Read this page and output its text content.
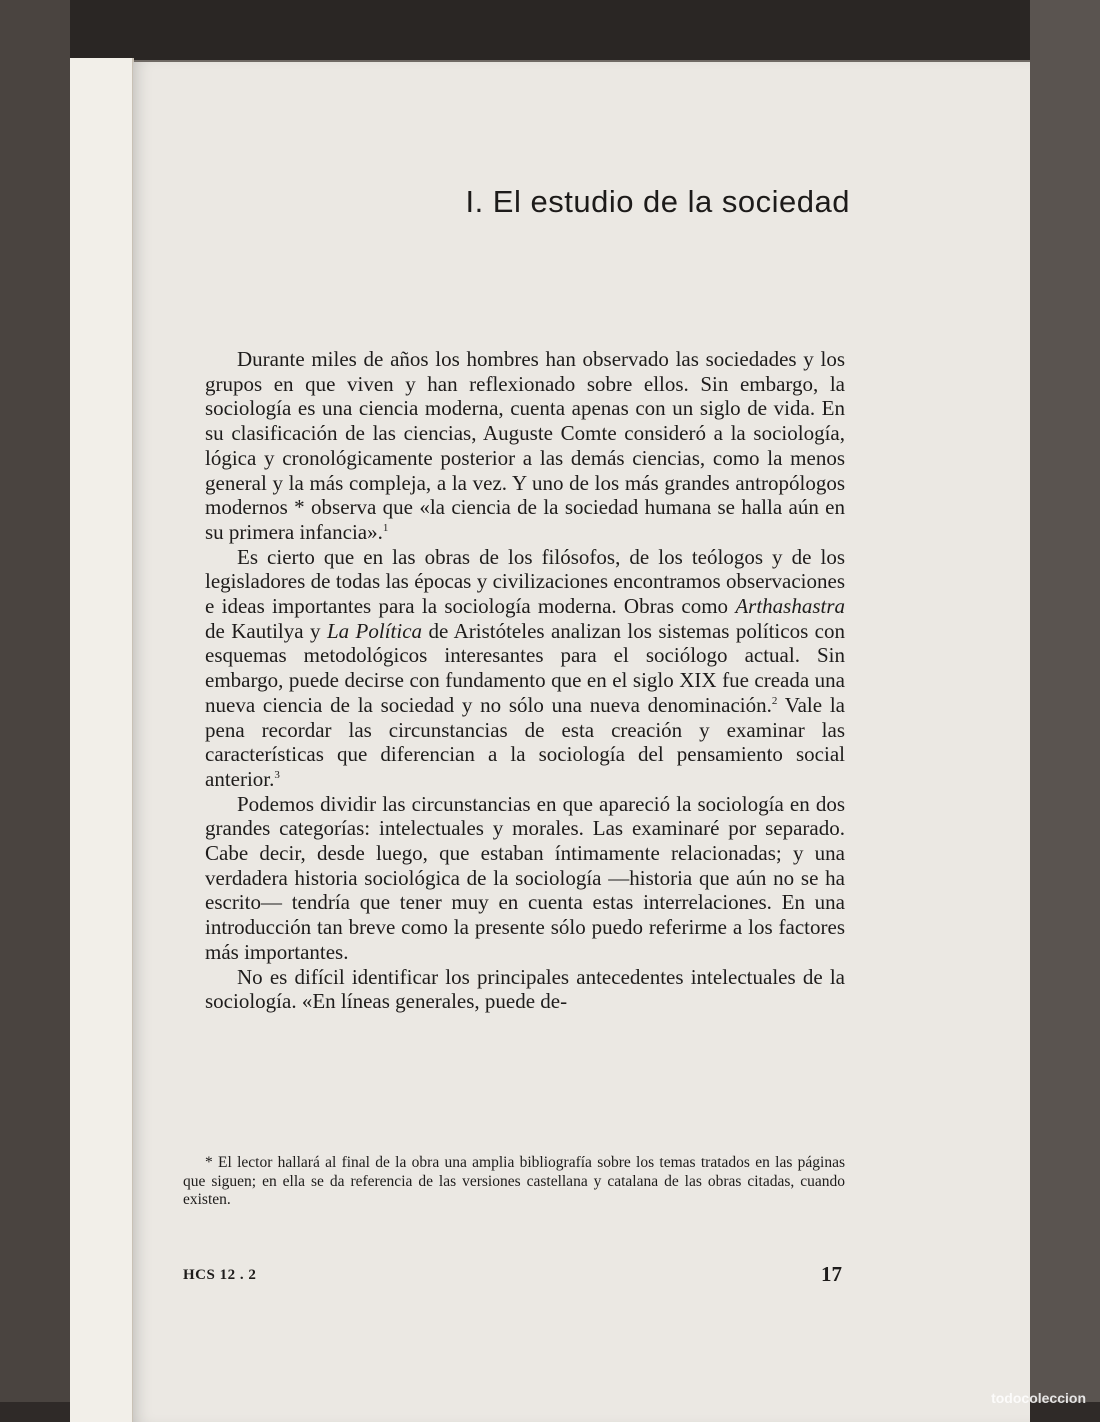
I. El estudio de la sociedad

Durante miles de años los hombres han observado las sociedades y los grupos en que viven y han reflexionado sobre ellos. Sin embargo, la sociología es una ciencia moderna, cuenta apenas con un siglo de vida. En su clasificación de las ciencias, Auguste Comte consideró a la sociología, lógica y cronológicamente posterior a las demás ciencias, como la menos general y la más compleja, a la vez. Y uno de los más grandes antropólogos modernos * observa que «la ciencia de la sociedad humana se halla aún en su primera infancia».$^1$

Es cierto que en las obras de los filósofos, de los teólogos y de los legisladores de todas las épocas y civilizaciones encontramos observaciones e ideas importantes para la sociología moderna. Obras como Arthashastra de Kautilya y La Política de Aristóteles analizan los sistemas políticos con esquemas metodológicos interesantes para el sociólogo actual. Sin embargo, puede decirse con fundamento que en el siglo XIX fue creada una nueva ciencia de la sociedad y no sólo una nueva denominación.$^2$ Vale la pena recordar las circunstancias de esta creación y examinar las características que diferencian a la sociología del pensamiento social anterior.$^3$

Podemos dividir las circunstancias en que apareció la sociología en dos grandes categorías: intelectuales y morales. Las examinaré por separado. Cabe decir, desde luego, que estaban íntimamente relacionadas; y una verdadera historia sociológica de la sociología —historia que aún no se ha escrito— tendría que tener muy en cuenta estas interrelaciones. En una introducción tan breve como la presente sólo puedo referirme a los factores más importantes.

No es difícil identificar los principales antecedentes intelectuales de la sociología. «En líneas generales, puede de-

* El lector hallará al final de la obra una amplia bibliografía sobre los temas tratados en las páginas que siguen; en ella se da referencia de las versiones castellana y catalana de las obras citadas, cuando existen.

HCS 12 . 2	17
todocoleccion
